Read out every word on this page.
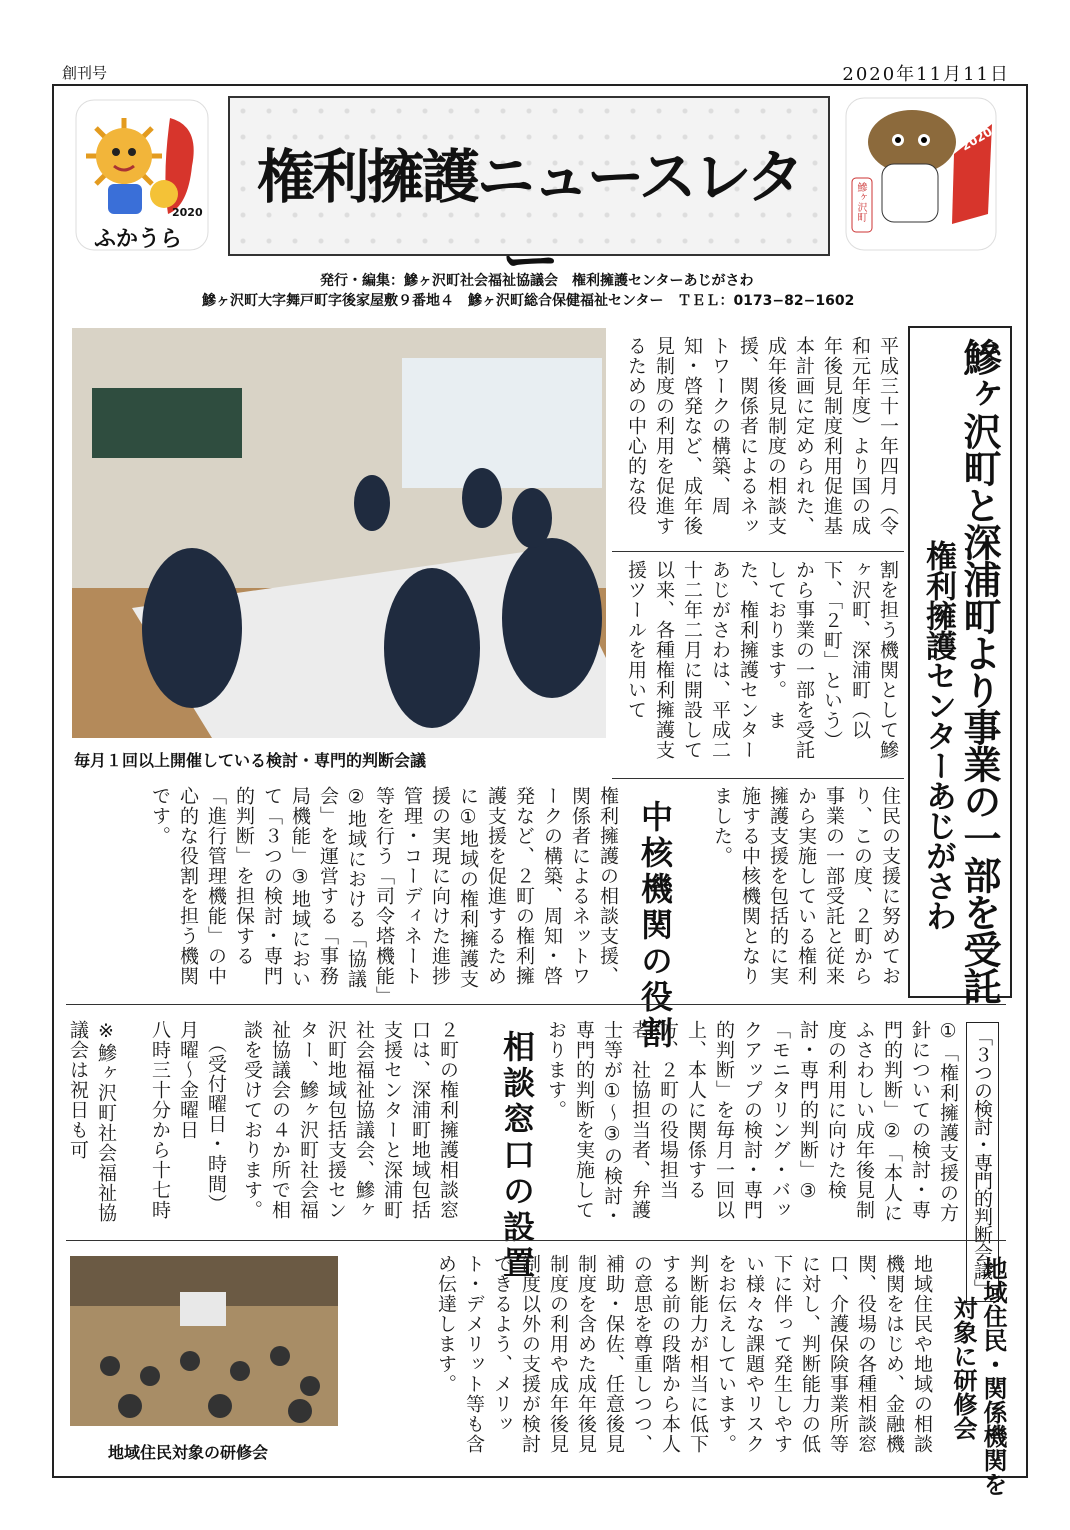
創刊号	2020年11月11日
ふかうら
2020
権利擁護ニュースレター
2020
鰺ヶ沢町
発行・編集：鰺ヶ沢町社会福祉協議会　権利擁護センターあじがさわ
鰺ヶ沢町大字舞戸町字後家屋敷９番地４　鰺ヶ沢町総合保健福祉センター　ＴＥＬ：0173−82−1602
毎月１回以上開催している検討・専門的判断会議
平成三十一年四月（令和元年度）より国の成年後見制度利用促進基本計画に定められた、成年後見制度の相談支援、関係者によるネットワークの構築、周知・啓発など、成年後見制度の利用を促進するための中心的な役
割を担う機関として鰺ヶ沢町、深浦町（以下、「２町」という）から事業の一部を受託しております。　また、権利擁護センターあじがさわは、平成二十二年二月に開設して以来、各種権利擁護支援ツールを用いて
住民の支援に努めており、この度、２町から事業の一部受託と従来から実施している権利擁護支援を包括的に実施する中核機関となりました。	鰺ヶ沢町と深浦町より事業の一部を受託
権利擁護センターあじがさわ
中核機関の役割
権利擁護の相談支援、関係者によるネットワークの構築、周知・啓発など、２町の権利擁護支援を促進するために①地域の権利擁護支援の実現に向けた進捗管理・コーディネート等を行う「司令塔機能」②地域における「協議会」を運営する「事務局機能」③地域において「３つの検討・専門的判断」を担保する「進行管理機能」の中心的な役割を担う機関です。
「３つの検討・専門的判断会議」
①「権利擁護支援の方針についての検討・専門的判断」②「本人にふさわしい成年後見制度の利用に向けた検討・専門的判断」③「モニタリング・バックアップの検討・専門的判断」を毎月一回以上、本人に関係する方、２町の役場担当者、社協担当者、弁護士等が①〜③の検討・専門的判断を実施しております。
相談窓口の設置
２町の権利擁護相談窓口は、深浦町地域包括支援センターと深浦町社会福祉協議会、鰺ヶ沢町地域包括支援センター、鰺ヶ沢町社会福祉協議会の４か所で相談を受けております。
（受付曜日・時間）
月曜〜金曜日
八時三十分から十七時
※鰺ヶ沢町社会福祉協議会は祝日も可
地域住民・関係機関を
対象に研修会
地域住民や地域の相談機関をはじめ、金融機関、役場の各種相談窓口、介護保険事業所等に対し、判断能力の低下に伴って発生しやすい様々な課題やリスクをお伝えしています。　判断能力が相当に低下する前の段階から本人の意思を尊重しつつ、補助・保佐、任意後見制度を含めた成年後見制度の利用や成年後見制度以外の支援が検討できるよう、メリット・デメリット等も含め伝達します。
地域住民対象の研修会
